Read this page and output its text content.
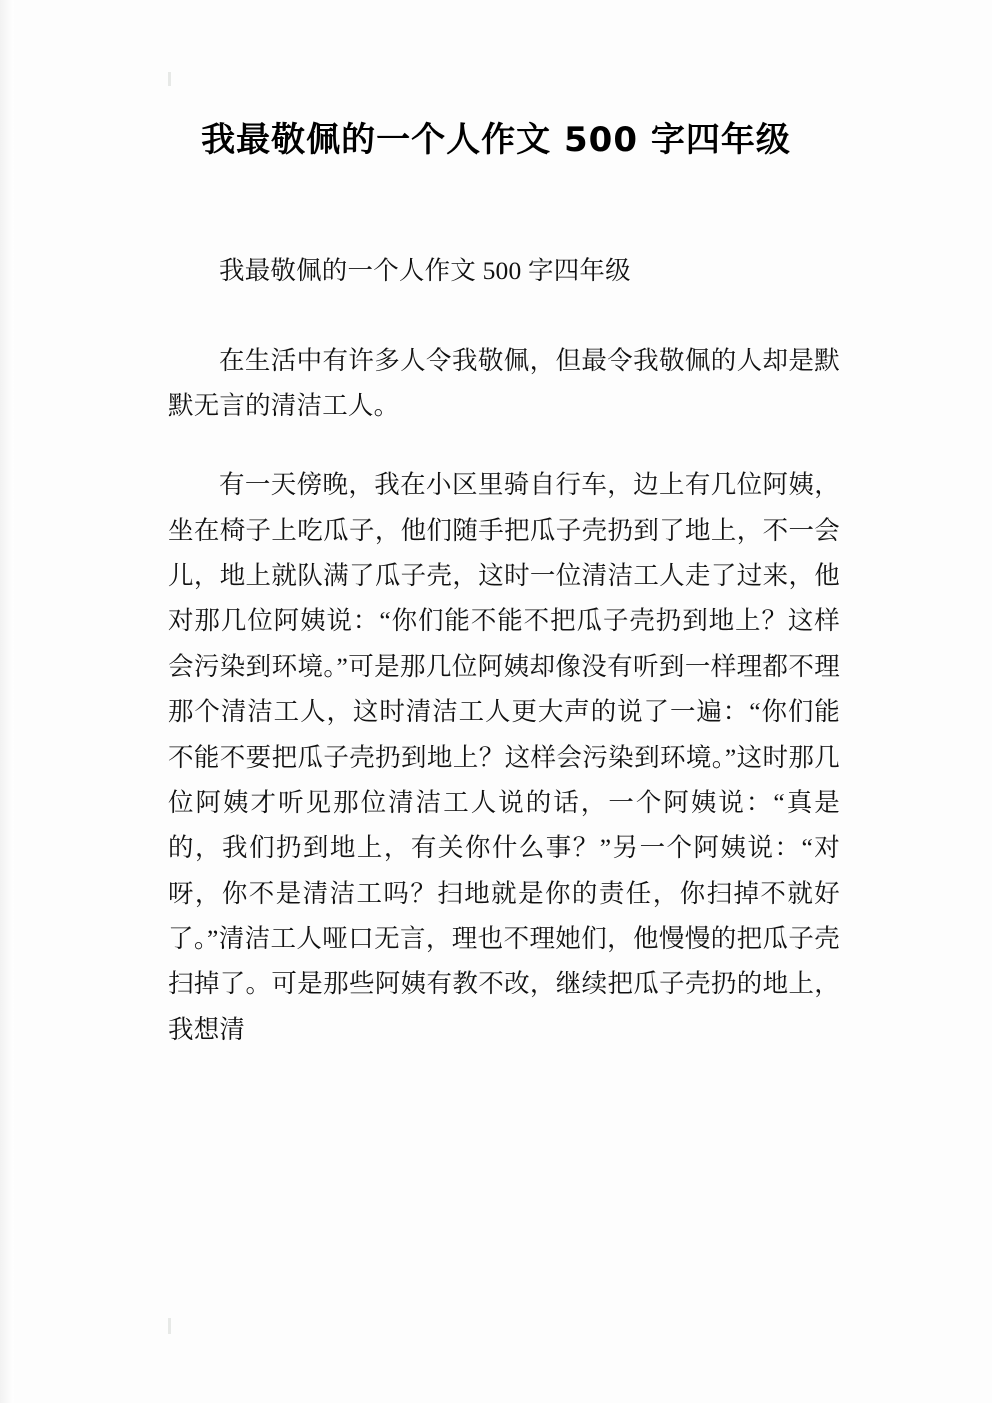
我最敬佩的一个人作文 500 字四年级

我最敬佩的一个人作文 500 字四年级

在生活中有许多人令我敬佩，但最令我敬佩的人却是默默无言的清洁工人。

有一天傍晚，我在小区里骑自行车，边上有几位阿姨，坐在椅子上吃瓜子，他们随手把瓜子壳扔到了地上，不一会儿，地上就队满了瓜子壳，这时一位清洁工人走了过来，他对那几位阿姨说：“你们能不能不把瓜子壳扔到地上？这样会污染到环境。”可是那几位阿姨却像没有听到一样理都不理那个清洁工人，这时清洁工人更大声的说了一遍：“你们能不能不要把瓜子壳扔到地上？这样会污染到环境。”这时那几位阿姨才听见那位清洁工人说的话，一个阿姨说：“真是的，我们扔到地上，有关你什么事？”另一个阿姨说：“对呀，你不是清洁工吗？扫地就是你的责任，你扫掉不就好了。”清洁工人哑口无言，理也不理她们，他慢慢的把瓜子壳扫掉了。可是那些阿姨有教不改，继续把瓜子壳扔的地上，我想清
